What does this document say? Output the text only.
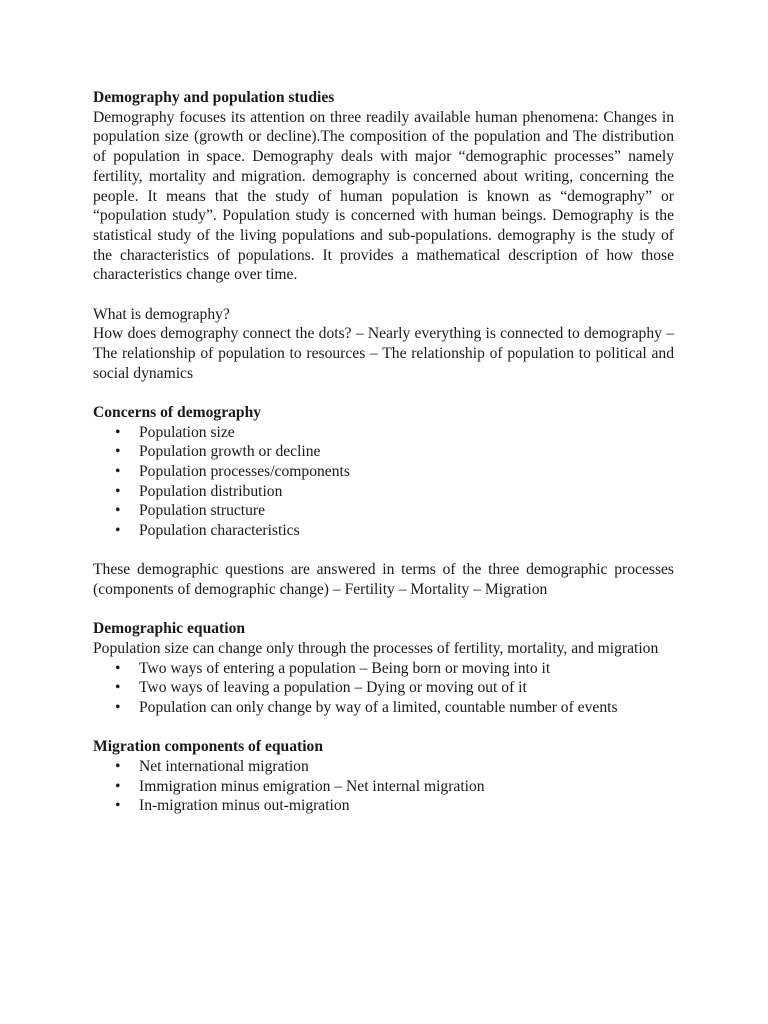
Demography and population studies

Demography focuses its attention on three readily available human phenomena: Changes in population size (growth or decline).The composition of the population and The distribution of population in space. Demography deals with major “demographic processes” namely fertility, mortality and migration. demography is concerned about writing, concerning the people. It means that the study of human population is known as “demography” or “population study”. Population study is concerned with human beings. Demography is the statistical study of the living populations and sub-populations. demography is the study of the characteristics of populations. It provides a mathematical description of how those characteristics change over time.

What is demography?

How does demography connect the dots? – Nearly everything is connected to demography – The relationship of population to resources – The relationship of population to political and social dynamics

Concerns of demography

• Population size
• Population growth or decline
• Population processes/components
• Population distribution
• Population structure
• Population characteristics

These demographic questions are answered in terms of the three demographic processes (components of demographic change) – Fertility – Mortality – Migration

Demographic equation

Population size can change only through the processes of fertility, mortality, and migration

• Two ways of entering a population – Being born or moving into it
• Two ways of leaving a population – Dying or moving out of it
• Population can only change by way of a limited, countable number of events

Migration components of equation

• Net international migration
• Immigration minus emigration – Net internal migration
• In-migration minus out-migration
